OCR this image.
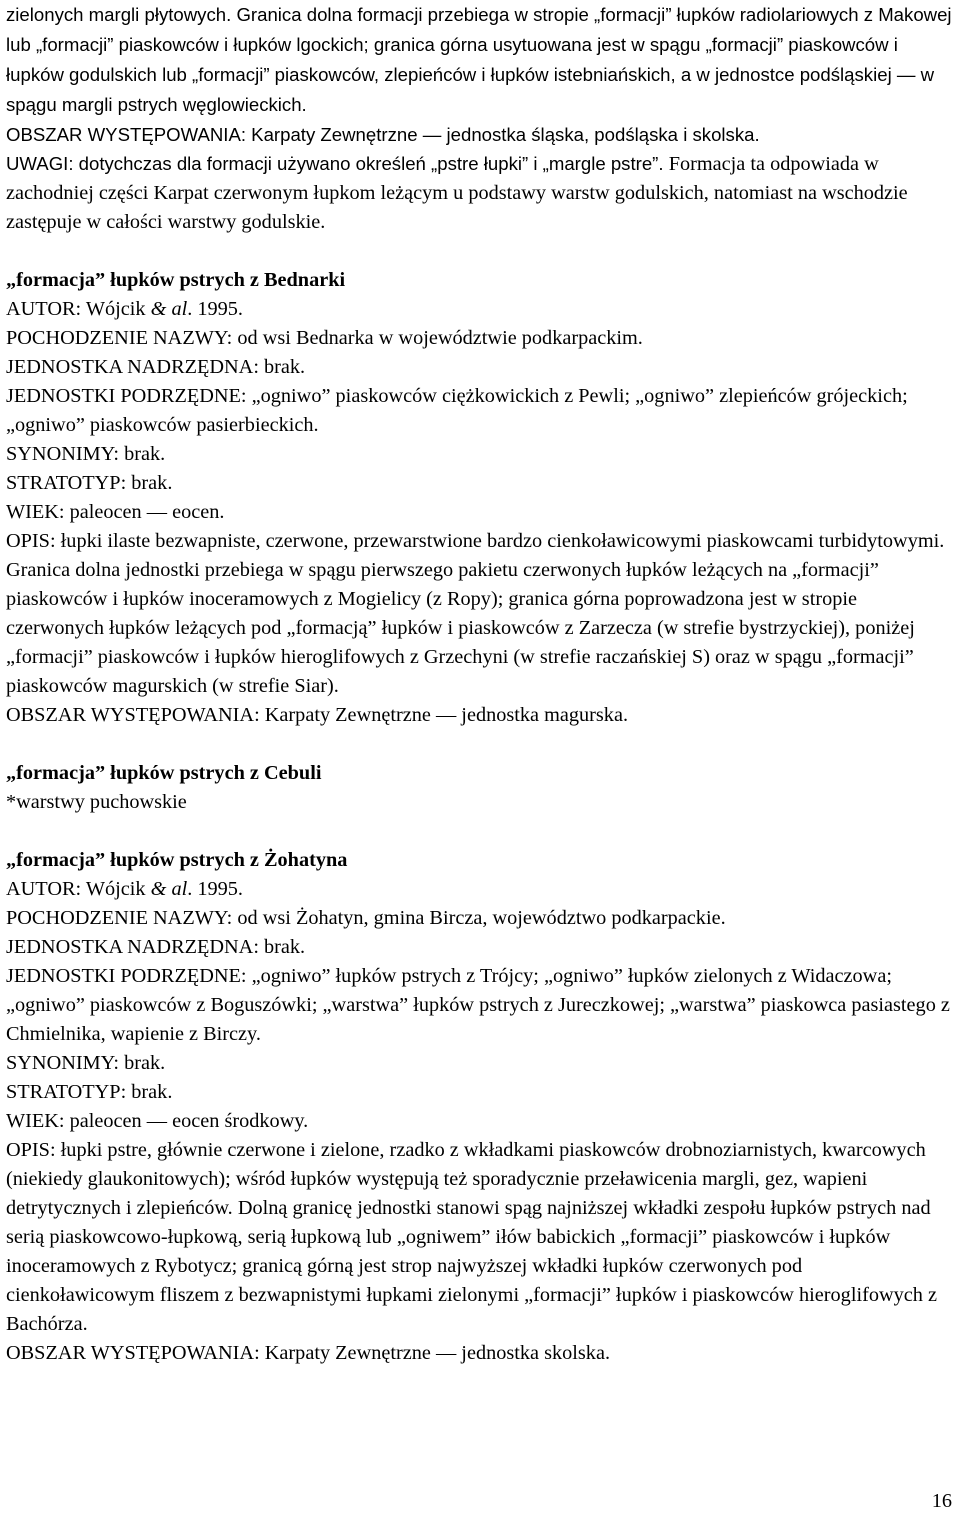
zielonych margli płytowych. Granica dolna formacji przebiega w stropie „formacji” łupków radiolariowych z Makowej lub „formacji” piaskowców i łupków lgockich; granica górna usytuowana jest w spągu „formacji” piaskowców i łupków godulskich lub „formacji” piaskowców, zlepieńców i łupków istebniańskich, a w jednostce podśląskiej — w spągu margli pstrych węglowieckich.

OBSZAR WYSTĘPOWANIA: Karpaty Zewnętrzne — jednostka śląska, podśląska i skolska.

UWAGI: dotychczas dla formacji używano określeń „pstre łupki” i „margle pstre”. Formacja ta odpowiada w zachodniej części Karpat czerwonym łupkom leżącym u podstawy warstw godulskich, natomiast na wschodzie zastępuje w całości warstwy godulskie.

„formacja” łupków pstrych z Bednarki

AUTOR: Wójcik & al. 1995.

POCHODZENIE NAZWY: od wsi Bednarka w województwie podkarpackim.

JEDNOSTKA NADRZĘDNA: brak.

JEDNOSTKI PODRZĘDNE: „ogniwo” piaskowców ciężkowickich z Pewli; „ogniwo” zlepieńców grójeckich; „ogniwo” piaskowców pasierbieckich.

SYNONIMY: brak.

STRATOTYP: brak.

WIEK: paleocen — eocen.

OPIS: łupki ilaste bezwapniste, czerwone, przewarstwione bardzo cienkoławicowymi piaskowcami turbidytowymi. Granica dolna jednostki przebiega w spągu pierwszego pakietu czerwonych łupków leżących na „formacji” piaskowców i łupków inoceramowych z Mogielicy (z Ropy); granica górna poprowadzona jest w stropie czerwonych łupków leżących pod „formacją” łupków i piaskowców z Zarzecza (w strefie bystrzyckiej), poniżej „formacji” piaskowców i łupków hieroglifowych z Grzechyni (w strefie raczańskiej S) oraz w spągu „formacji” piaskowców magurskich (w strefie Siar).

OBSZAR WYSTĘPOWANIA: Karpaty Zewnętrzne — jednostka magurska.

„formacja” łupków pstrych z Cebuli

*warstwy puchowskie

„formacja” łupków pstrych z Żohatyna

AUTOR: Wójcik & al. 1995.

POCHODZENIE NAZWY: od wsi Żohatyn, gmina Bircza, województwo podkarpackie.

JEDNOSTKA NADRZĘDNA: brak.

JEDNOSTKI PODRZĘDNE: „ogniwo” łupków pstrych z Trójcy; „ogniwo” łupków zielonych z Widaczowa; „ogniwo” piaskowców z Boguszówki; „warstwa” łupków pstrych z Jureczkowej; „warstwa” piaskowca pasiastego z Chmielnika, wapienie z Birczy.

SYNONIMY: brak.

STRATOTYP: brak.

WIEK: paleocen — eocen środkowy.

OPIS: łupki pstre, głównie czerwone i zielone, rzadko z wkładkami piaskowców drobnoziarnistych, kwarcowych (niekiedy glaukonitowych); wśród łupków występują też sporadycznie przeławicenia margli, gez, wapieni detrytycznych i zlepieńców. Dolną granicę jednostki stanowi spąg najniższej wkładki zespołu łupków pstrych nad serią piaskowcowo-łupkową, serią łupkową lub „ogniwem” iłów babickich „formacji” piaskowców i łupków inoceramowych z Rybotycz; granicą górną jest strop najwyższej wkładki łupków czerwonych pod cienkoławicowym fliszem z bezwapnistymi łupkami zielonymi „formacji” łupków i piaskowców hieroglifowych z Bachórza.

OBSZAR WYSTĘPOWANIA: Karpaty Zewnętrzne — jednostka skolska.

16
